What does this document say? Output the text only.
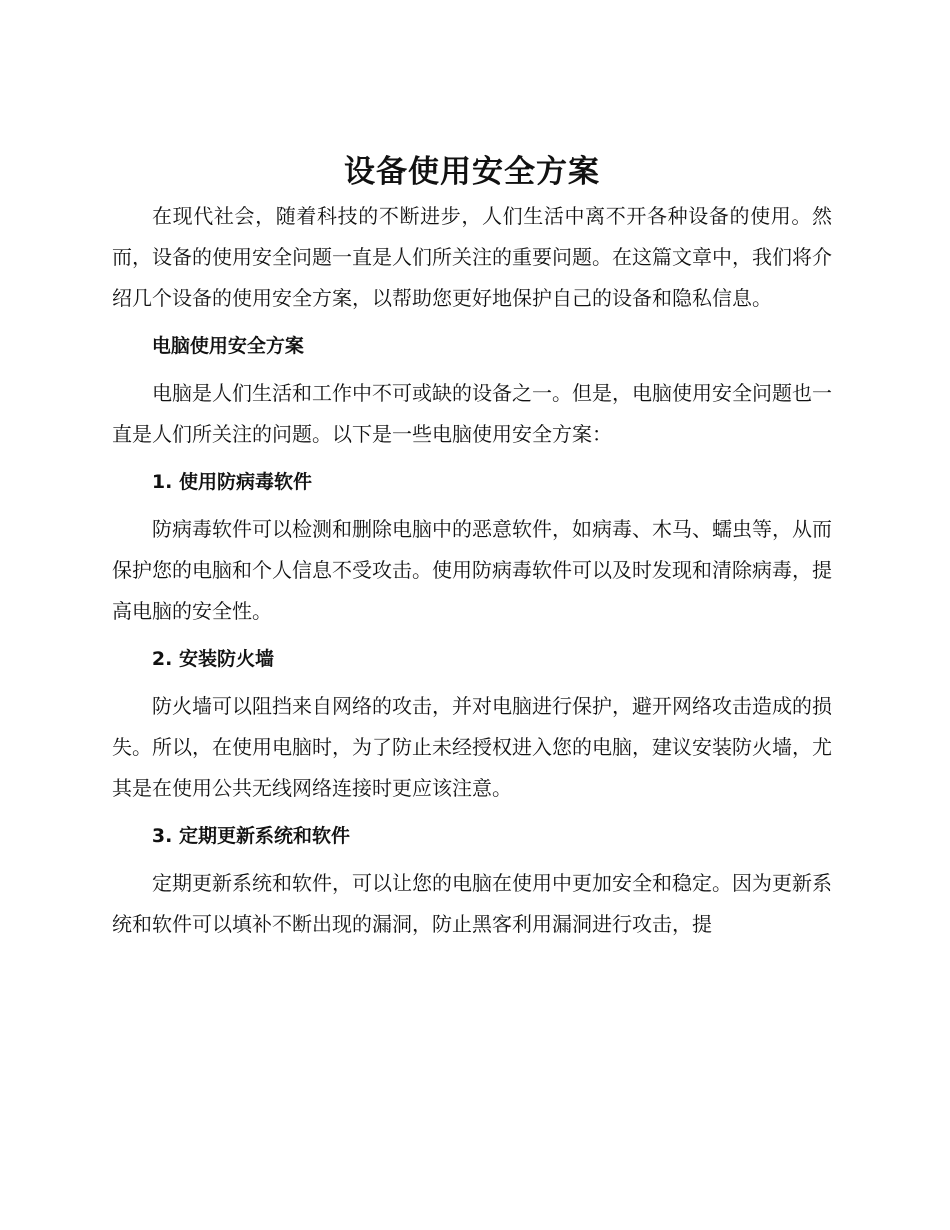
设备使用安全方案

在现代社会，随着科技的不断进步，人们生活中离不开各种设备的使用。然而，设备的使用安全问题一直是人们所关注的重要问题。在这篇文章中，我们将介绍几个设备的使用安全方案，以帮助您更好地保护自己的设备和隐私信息。

电脑使用安全方案

电脑是人们生活和工作中不可或缺的设备之一。但是，电脑使用安全问题也一直是人们所关注的问题。以下是一些电脑使用安全方案：

1. 使用防病毒软件

防病毒软件可以检测和删除电脑中的恶意软件，如病毒、木马、蠕虫等，从而保护您的电脑和个人信息不受攻击。使用防病毒软件可以及时发现和清除病毒，提高电脑的安全性。

2. 安装防火墙

防火墙可以阻挡来自网络的攻击，并对电脑进行保护，避开网络攻击造成的损失。所以，在使用电脑时，为了防止未经授权进入您的电脑，建议安装防火墙，尤其是在使用公共无线网络连接时更应该注意。

3. 定期更新系统和软件

定期更新系统和软件，可以让您的电脑在使用中更加安全和稳定。因为更新系统和软件可以填补不断出现的漏洞，防止黑客利用漏洞进行攻击，提
